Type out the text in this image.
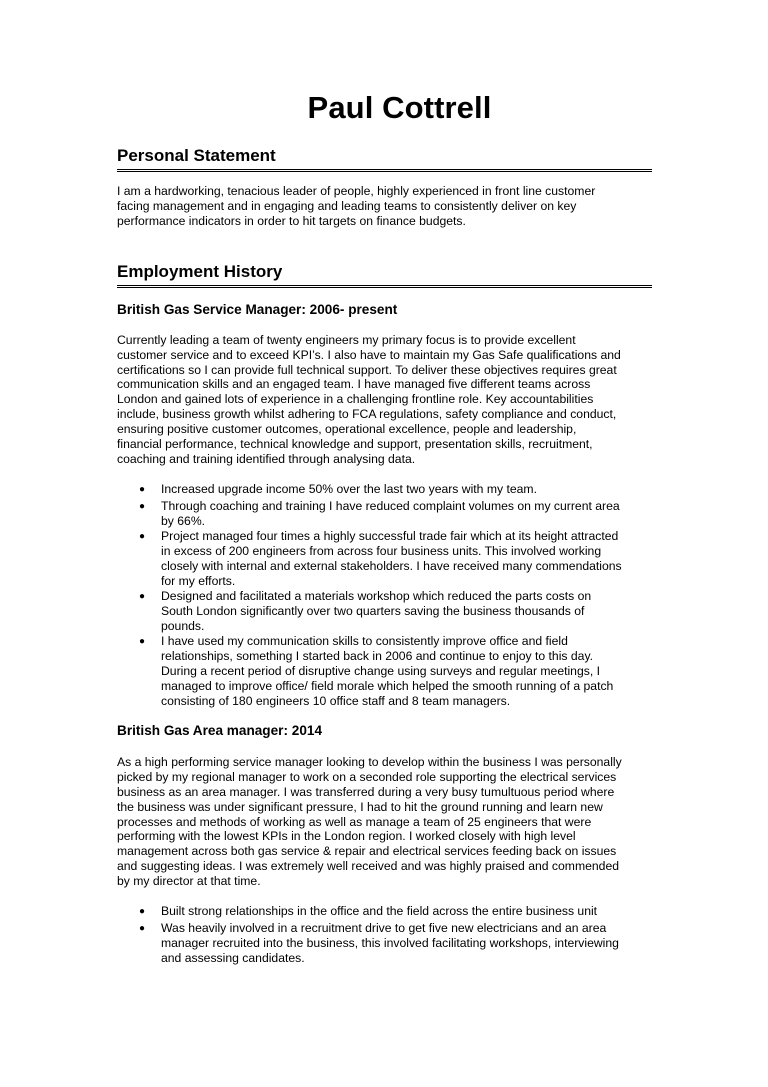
Paul Cottrell
Personal Statement
I am a hardworking, tenacious leader of people, highly experienced in front line customer
facing management and in engaging and leading teams to consistently deliver on key
performance indicators in order to hit targets on finance budgets.
Employment History
British Gas Service Manager: 2006- present
Currently leading a team of twenty engineers my primary focus is to provide excellent
customer service and to exceed KPI’s. I also have to maintain my Gas Safe qualifications and
certifications so I can provide full technical support. To deliver these objectives requires great
communication skills and an engaged team. I have managed five different teams across
London and gained lots of experience in a challenging frontline role. Key accountabilities
include, business growth whilst adhering to FCA regulations, safety compliance and conduct,
ensuring positive customer outcomes, operational excellence, people and leadership,
financial performance, technical knowledge and support, presentation skills, recruitment,
coaching and training identified through analysing data.
● Increased upgrade income 50% over the last two years with my team.
● Through coaching and training I have reduced complaint volumes on my current area
by 66%.
● Project managed four times a highly successful trade fair which at its height attracted
in excess of 200 engineers from across four business units. This involved working
closely with internal and external stakeholders. I have received many commendations
for my efforts.
● Designed and facilitated a materials workshop which reduced the parts costs on
South London significantly over two quarters saving the business thousands of
pounds.
● I have used my communication skills to consistently improve office and field
relationships, something I started back in 2006 and continue to enjoy to this day.
During a recent period of disruptive change using surveys and regular meetings, I
managed to improve office/ field morale which helped the smooth running of a patch
consisting of 180 engineers 10 office staff and 8 team managers.
British Gas Area manager: 2014
As a high performing service manager looking to develop within the business I was personally
picked by my regional manager to work on a seconded role supporting the electrical services
business as an area manager. I was transferred during a very busy tumultuous period where
the business was under significant pressure, I had to hit the ground running and learn new
processes and methods of working as well as manage a team of 25 engineers that were
performing with the lowest KPIs in the London region. I worked closely with high level
management across both gas service & repair and electrical services feeding back on issues
and suggesting ideas. I was extremely well received and was highly praised and commended
by my director at that time.
● Built strong relationships in the office and the field across the entire business unit
● Was heavily involved in a recruitment drive to get five new electricians and an area
manager recruited into the business, this involved facilitating workshops, interviewing
and assessing candidates.
